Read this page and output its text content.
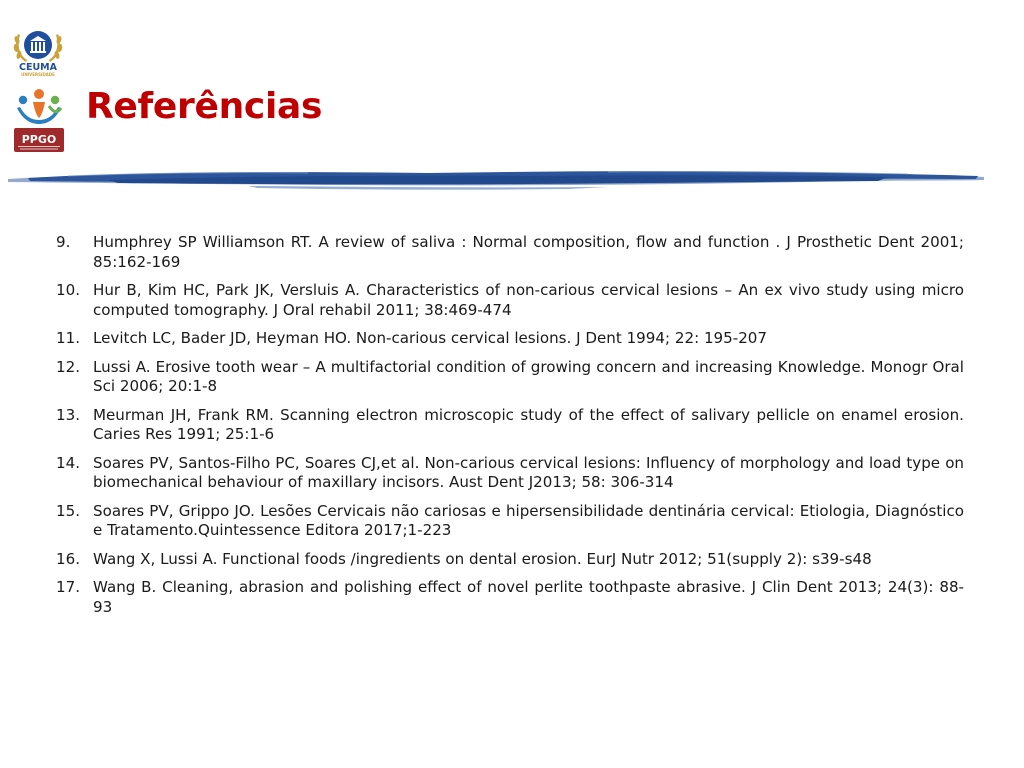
CEUMA
UNIVERSIDADE
PPGO
Referências
9. Humphrey SP Williamson RT. A review of saliva : Normal composition, flow and function . J Prosthetic Dent 2001; 85:162-169
10. Hur B, Kim HC, Park JK, Versluis A. Characteristics of non-carious cervical lesions – An ex vivo study using micro computed tomography. J Oral rehabil 2011; 38:469-474
11. Levitch LC, Bader JD, Heyman HO. Non-carious cervical lesions. J Dent 1994; 22: 195-207
12. Lussi A. Erosive tooth wear – A multifactorial condition of growing concern and increasing Knowledge. Monogr Oral Sci 2006; 20:1-8
13. Meurman JH, Frank RM. Scanning electron microscopic study of the effect of salivary pellicle on enamel erosion. Caries Res 1991; 25:1-6
14. Soares PV, Santos-Filho PC, Soares CJ,et al. Non-carious cervical lesions: Influency of morphology and load type on biomechanical behaviour of maxillary incisors. Aust Dent J2013; 58: 306-314
15. Soares PV, Grippo JO. Lesões Cervicais não cariosas e hipersensibilidade dentinária cervical: Etiologia, Diagnóstico e Tratamento.Quintessence Editora 2017;1-223
16. Wang X, Lussi A. Functional foods /ingredients on dental erosion. EurJ Nutr 2012; 51(supply 2): s39-s48
17. Wang B. Cleaning, abrasion and polishing effect of novel perlite toothpaste abrasive. J Clin Dent 2013; 24(3): 88-93
